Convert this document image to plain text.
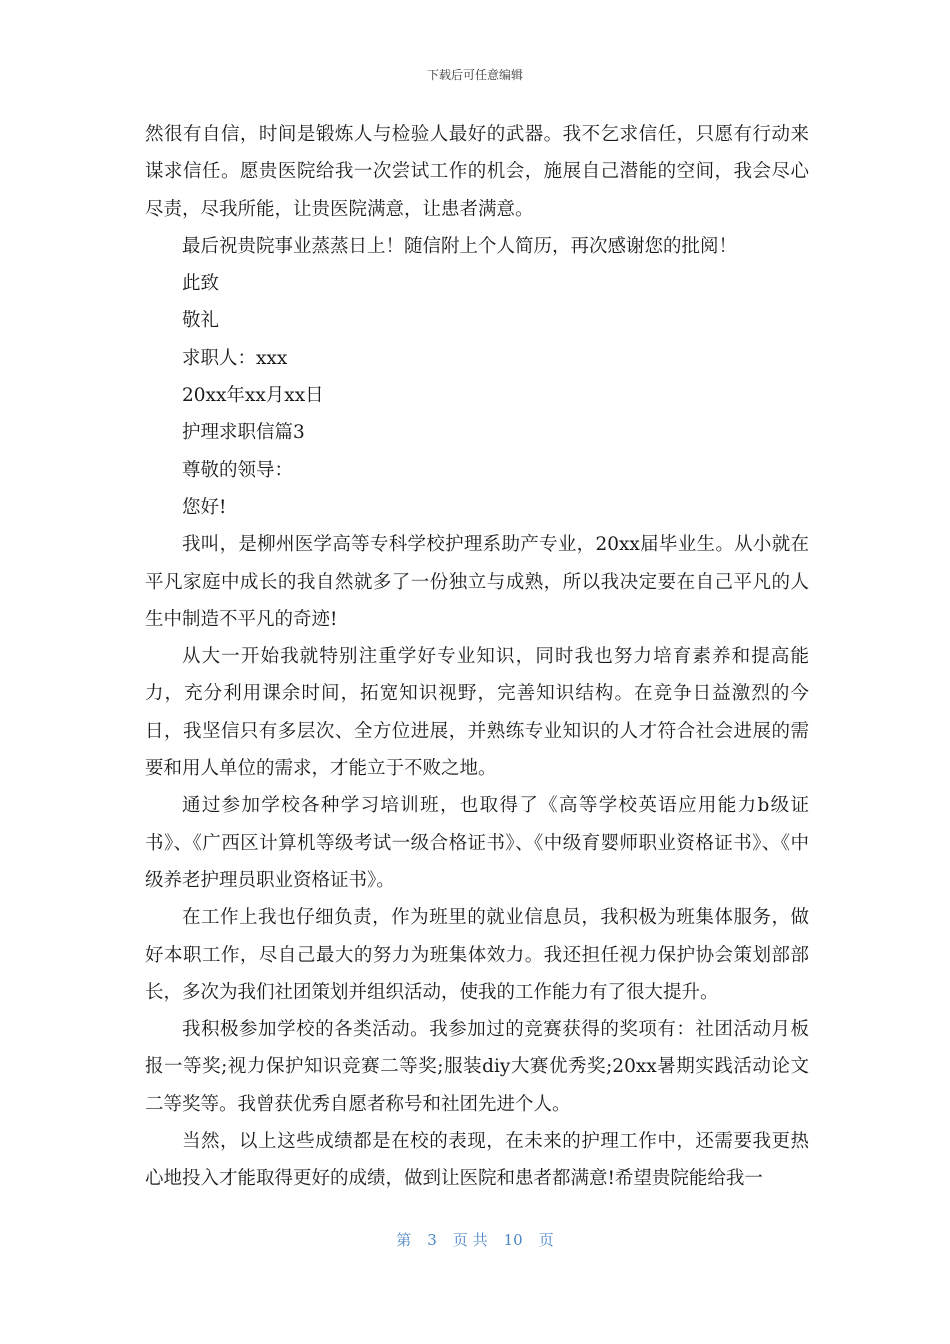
下载后可任意编辑

然很有自信，时间是锻炼人与检验人最好的武器。我不乞求信任，只愿有行动来谋求信任。愿贵医院给我一次尝试工作的机会，施展自己潜能的空间，我会尽心尽责，尽我所能，让贵医院满意，让患者满意。

最后祝贵院事业蒸蒸日上！随信附上个人简历，再次感谢您的批阅！

此致

敬礼

求职人：xxx

20xx年xx月xx日

护理求职信篇3

尊敬的领导：

您好!

我叫，是柳州医学高等专科学校护理系助产专业，20xx届毕业生。从小就在平凡家庭中成长的我自然就多了一份独立与成熟，所以我决定要在自己平凡的人生中制造不平凡的奇迹!

从大一开始我就特别注重学好专业知识，同时我也努力培育素养和提高能力，充分利用课余时间，拓宽知识视野，完善知识结构。在竞争日益激烈的今日，我坚信只有多层次、全方位进展，并熟练专业知识的人才符合社会进展的需要和用人单位的需求，才能立于不败之地。

通过参加学校各种学习培训班，也取得了《高等学校英语应用能力b级证书》、《广西区计算机等级考试一级合格证书》、《中级育婴师职业资格证书》、《中级养老护理员职业资格证书》。

在工作上我也仔细负责，作为班里的就业信息员，我积极为班集体服务，做好本职工作，尽自己最大的努力为班集体效力。我还担任视力保护协会策划部部长，多次为我们社团策划并组织活动，使我的工作能力有了很大提升。

我积极参加学校的各类活动。我参加过的竞赛获得的奖项有：社团活动月板报一等奖;视力保护知识竞赛二等奖;服装diy大赛优秀奖;20xx暑期实践活动论文二等奖等。我曾获优秀自愿者称号和社团先进个人。

当然，以上这些成绩都是在校的表现，在未来的护理工作中，还需要我更热心地投入才能取得更好的成绩，做到让医院和患者都满意!希望贵院能给我一

第 3 页 共 10 页
